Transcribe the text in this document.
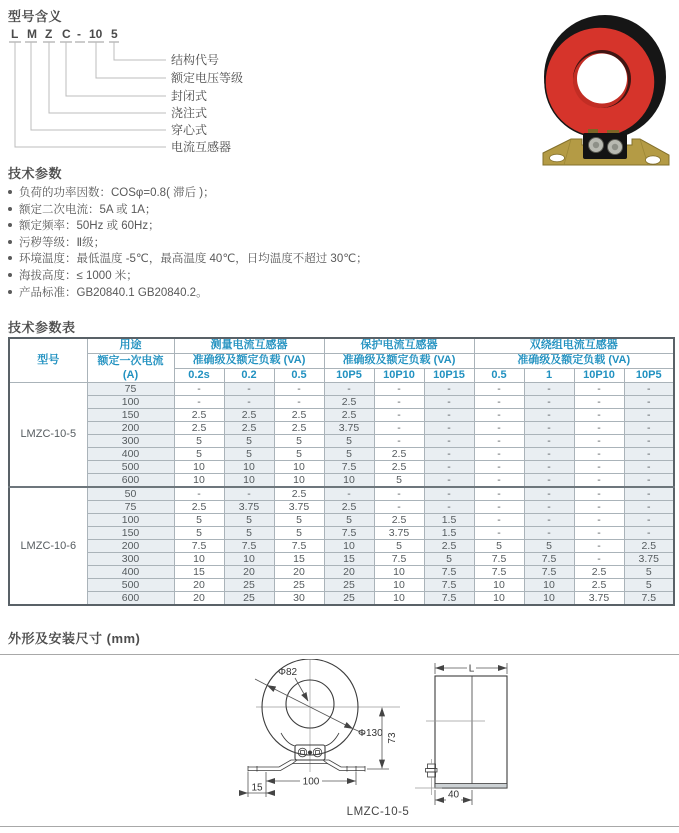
型号含义
L M Z C - 10 5
结构代号
额定电压等级
封闭式
浇注式
穿心式
电流互感器
技术参数
负荷的功率因数：COSφ=0.8( 滞后 )；
额定二次电流：5A 或 1A；
额定频率：50Hz 或 60Hz；
污秽等级：Ⅱ级；
环境温度：最低温度 -5℃，最高温度 40℃，日均温度不超过 30℃；
海拔高度：≤ 1000 米；
产品标准：GB20840.1 GB20840.2。
技术参数表
型号	用途	测量电流互感器			保护电流互感器			双绕组电流互感器			

	额定一次电流
(A)	准确级及额定负载 (VA)			准确级及额定负载 (VA)			准确级及额定负载 (VA)			
		0.2s	0.2	0.5	10P5	10P10	10P15	0.5	1	10P10	10P5
LMZC-10-5	75	-	-	-	-	-	-	-	-	-	-
	100	-	-	-	2.5	-	-	-	-	-	-
	150	2.5	2.5	2.5	2.5	-	-	-	-	-	-
	200	2.5	2.5	2.5	3.75	-	-	-	-	-	-
	300	5	5	5	5	-	-	-	-	-	-
	400	5	5	5	5	2.5	-	-	-	-	-
	500	10	10	10	7.5	2.5	-	-	-	-	-
	600	10	10	10	10	5	-	-	-	-	-
LMZC-10-6	50	-	-	2.5	-	-	-	-	-	-	-
	75	2.5	3.75	3.75	2.5	-	-	-	-	-	-
	100	5	5	5	5	2.5	1.5	-	-	-	-
	150	5	5	5	7.5	3.75	1.5	-	-	-	-
	200	7.5	7.5	7.5	10	5	2.5	5	5	-	2.5
	300	10	10	15	15	7.5	5	7.5	7.5	-	3.75
	400	15	20	20	20	10	7.5	7.5	7.5	2.5	5
	500	20	25	25	25	10	7.5	10	10	2.5	5
	600	20	25	30	25	10	7.5	10	10	3.75	7.5
外形及安装尺寸 (mm)
Φ82
Φ130 73
100
15
L
40
LMZC-10-5
